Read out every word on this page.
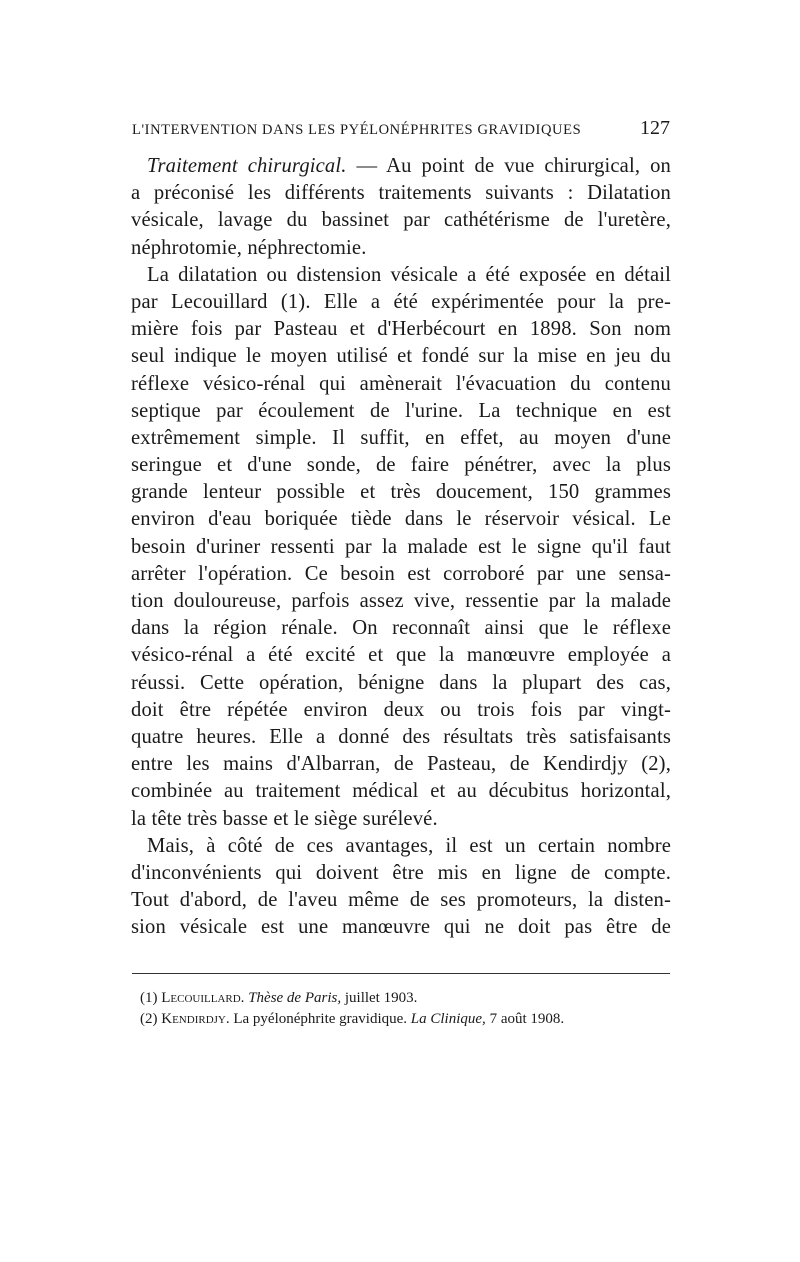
L'INTERVENTION DANS LES PYÉLONÉPHRITES GRAVIDIQUES	127
Traitement chirurgical. — Au point de vue chirurgical, on
a préconisé les différents traitements suivants : Dilatation
vésicale, lavage du bassinet par cathétérisme de l'uretère,
néphrotomie, néphrectomie.
La dilatation ou distension vésicale a été exposée en détail
par Lecouillard (1). Elle a été expérimentée pour la pre-
mière fois par Pasteau et d'Herbécourt en 1898. Son nom
seul indique le moyen utilisé et fondé sur la mise en jeu du
réflexe vésico-rénal qui amènerait l'évacuation du contenu
septique par écoulement de l'urine. La technique en est
extrêmement simple. Il suffit, en effet, au moyen d'une
seringue et d'une sonde, de faire pénétrer, avec la plus
grande lenteur possible et très doucement, 150 grammes
environ d'eau boriquée tiède dans le réservoir vésical. Le
besoin d'uriner ressenti par la malade est le signe qu'il faut
arrêter l'opération. Ce besoin est corroboré par une sensa-
tion douloureuse, parfois assez vive, ressentie par la malade
dans la région rénale. On reconnaît ainsi que le réflexe
vésico-rénal a été excité et que la manœuvre employée a
réussi. Cette opération, bénigne dans la plupart des cas,
doit être répétée environ deux ou trois fois par vingt-
quatre heures. Elle a donné des résultats très satisfaisants
entre les mains d'Albarran, de Pasteau, de Kendirdjy (2),
combinée au traitement médical et au décubitus horizontal,
la tête très basse et le siège surélevé.
Mais, à côté de ces avantages, il est un certain nombre
d'inconvénients qui doivent être mis en ligne de compte.
Tout d'abord, de l'aveu même de ses promoteurs, la disten-
sion vésicale est une manœuvre qui ne doit pas être de
(1) Lecouillard. Thèse de Paris, juillet 1903.
(2) Kendirdjy. La pyélonéphrite gravidique. La Clinique, 7 août 1908.
